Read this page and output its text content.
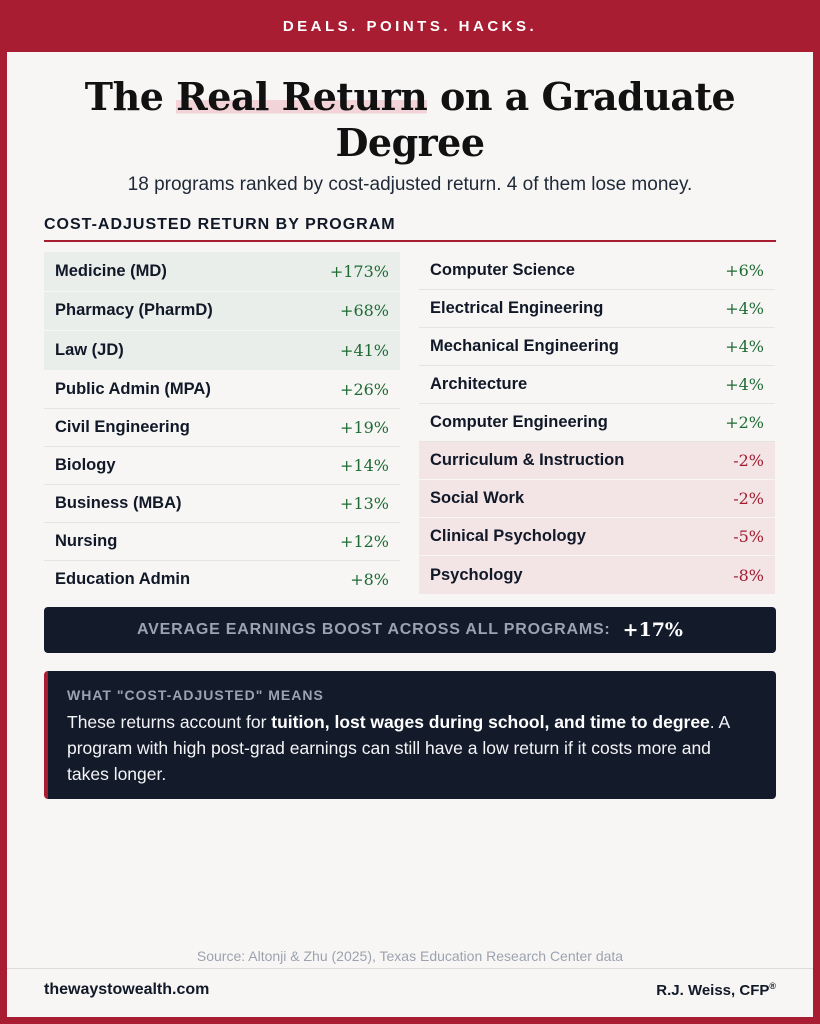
DEALS. POINTS. HACKS.
The Real Return on a Graduate Degree
18 programs ranked by cost-adjusted return. 4 of them lose money.
COST-ADJUSTED RETURN BY PROGRAM
Medicine (MD)	+173%
Pharmacy (PharmD)	+68%
Law (JD)	+41%
Public Admin (MPA)	+26%
Civil Engineering	+19%
Biology	+14%
Business (MBA)	+13%
Nursing	+12%
Education Admin	+8%
Computer Science	+6%
Electrical Engineering	+4%
Mechanical Engineering	+4%
Architecture	+4%
Computer Engineering	+2%
Curriculum & Instruction	-2%
Social Work	-2%
Clinical Psychology	-5%
Psychology	-8%
AVERAGE EARNINGS BOOST ACROSS ALL PROGRAMS: +17%
WHAT "COST-ADJUSTED" MEANS
These returns account for tuition, lost wages during school, and time to degree. A program with high post-grad earnings can still have a low return if it costs more and takes longer.
Source: Altonji & Zhu (2025), Texas Education Research Center data
thewaystowealth.com	R.J. Weiss, CFP®
